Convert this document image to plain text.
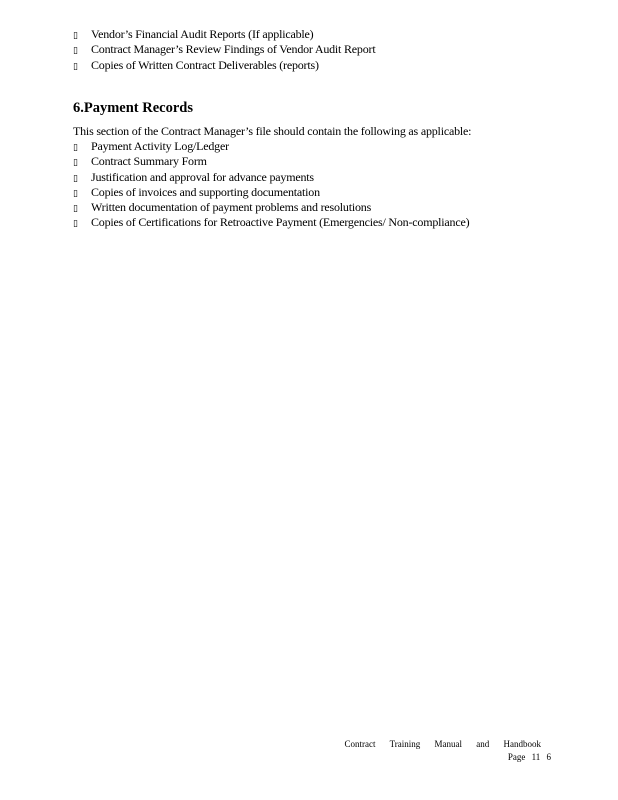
▯ Vendor’s Financial Audit Reports (If applicable)
▯ Contract Manager’s Review Findings of Vendor Audit Report
▯ Copies of Written Contract Deliverables (reports)
6.Payment Records

This section of the Contract Manager’s file should contain the following as applicable:

▯ Payment Activity Log/Ledger
▯ Contract Summary Form
▯ Justification and approval for advance payments
▯ Copies of invoices and supporting documentation
▯ Written documentation of payment problems and resolutions
▯ Copies of Certifications for Retroactive Payment (Emergencies/ Non-compliance)
Contract Training Manual and Handbook
Page 11 6
